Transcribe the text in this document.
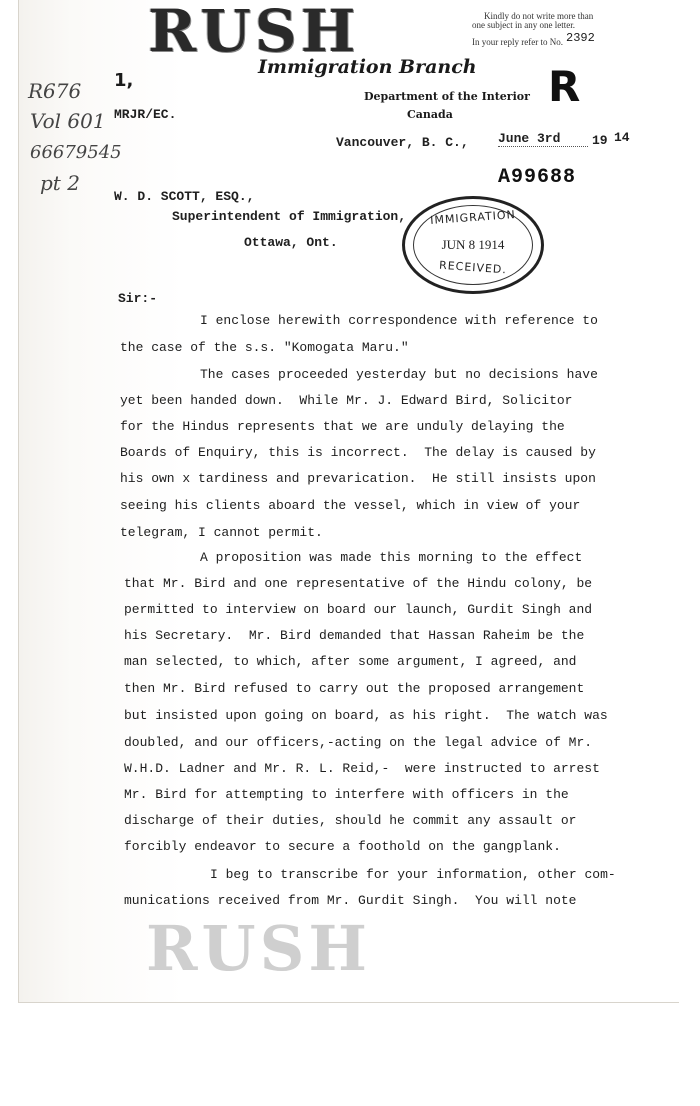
RUSH
Immigration Branch
Department of the Interior
Canada
Kindly do not write more than
one subject in any one letter.
In your reply refer to No. 2392
R
1,
R676
Vol 601
66679545
pt 2
MRJR/EC.
Vancouver, B. C., June 3rd	19 14
A99688
W. D. SCOTT, ESQ.,
Superintendent of Immigration,
Ottawa, Ont.
IMMIGRATION
JUN 8 1914
RECEIVED.
Sir:-
I enclose herewith correspondence with reference to
the case of the s.s. "Komogata Maru."
The cases proceeded yesterday but no decisions have
yet been handed down.  While Mr. J. Edward Bird, Solicitor
for the Hindus represents that we are unduly delaying the
Boards of Enquiry, this is incorrect.  The delay is caused by
his own x tardiness and prevarication.  He still insists upon
seeing his clients aboard the vessel, which in view of your
telegram, I cannot permit.
A proposition was made this morning to the effect
that Mr. Bird and one representative of the Hindu colony, be
permitted to interview on board our launch, Gurdit Singh and
his Secretary.  Mr. Bird demanded that Hassan Raheim be the
man selected, to which, after some argument, I agreed, and
then Mr. Bird refused to carry out the proposed arrangement
but insisted upon going on board, as his right.  The watch was
doubled, and our officers,-acting on the legal advice of Mr.
W.H.D. Ladner and Mr. R. L. Reid,-  were instructed to arrest
Mr. Bird for attempting to interfere with officers in the
discharge of their duties, should he commit any assault or
forcibly endeavor to secure a foothold on the gangplank.
I beg to transcribe for your information, other com-
munications received from Mr. Gurdit Singh.  You will note
RUSH
